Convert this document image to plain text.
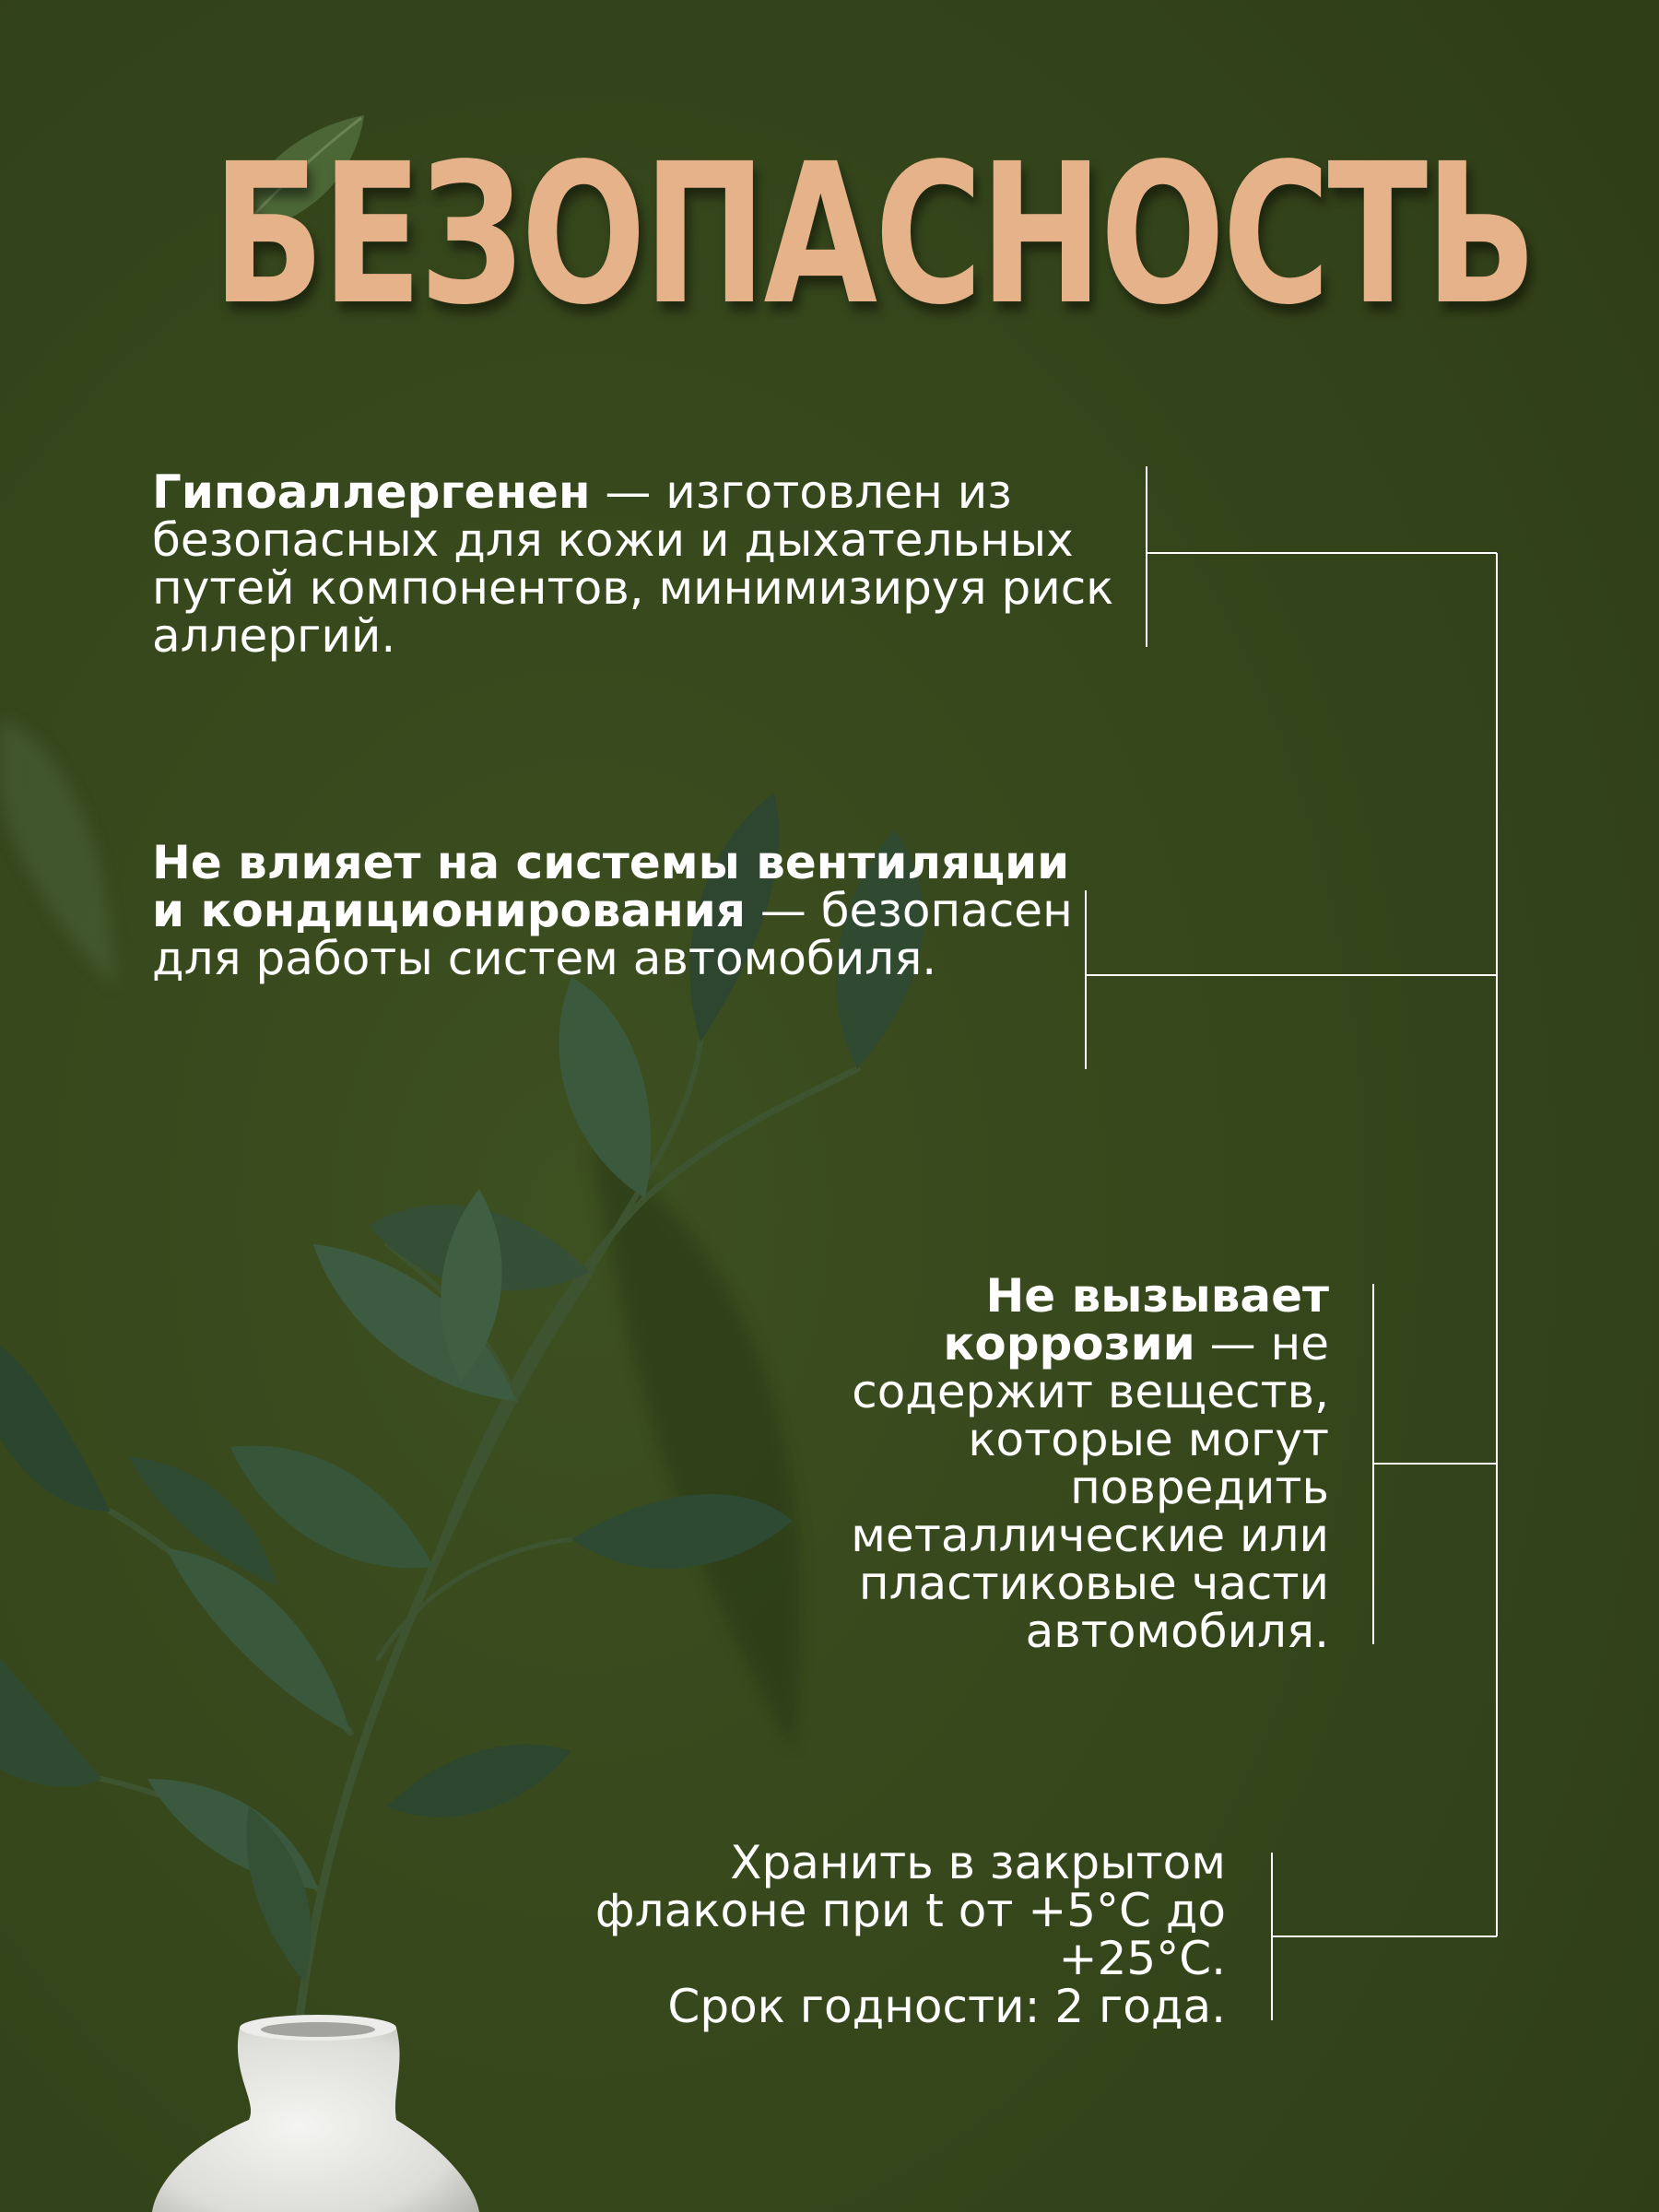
БЕЗОПАСНОСТЬ

Гипоаллергенен — изготовлен из безопасных для кожи и дыхательных путей компонентов, минимизируя риск аллергий.

Не влияет на системы вентиляции и кондиционирования — безопасен для работы систем автомобиля.

Не вызывает коррозии — не содержит веществ, которые могут повредить металлические или пластиковые части автомобиля.

Хранить в закрытом флаконе при t от +5°С до +25°С.

Срок годности: 2 года.
